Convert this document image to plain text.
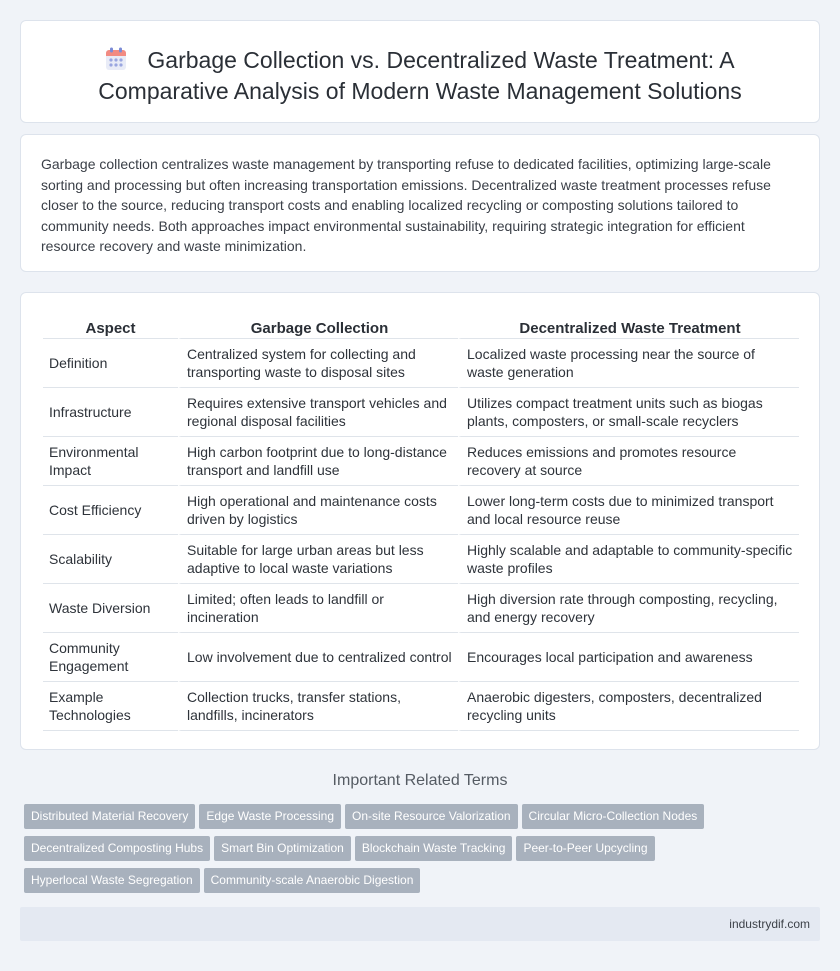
Garbage Collection vs. Decentralized Waste Treatment: A Comparative Analysis of Modern Waste Management Solutions

Garbage collection centralizes waste management by transporting refuse to dedicated facilities, optimizing large-scale sorting and processing but often increasing transportation emissions. Decentralized waste treatment processes refuse closer to the source, reducing transport costs and enabling localized recycling or composting solutions tailored to community needs. Both approaches impact environmental sustainability, requiring strategic integration for efficient resource recovery and waste minimization.

Aspect	Garbage Collection	Decentralized Waste Treatment
Definition	Centralized system for collecting and transporting waste to disposal sites	Localized waste processing near the source of waste generation
Infrastructure	Requires extensive transport vehicles and regional disposal facilities	Utilizes compact treatment units such as biogas plants, composters, or small-scale recyclers
Environmental Impact	High carbon footprint due to long-distance transport and landfill use	Reduces emissions and promotes resource recovery at source
Cost Efficiency	High operational and maintenance costs driven by logistics	Lower long-term costs due to minimized transport and local resource reuse
Scalability	Suitable for large urban areas but less adaptive to local waste variations	Highly scalable and adaptable to community-specific waste profiles
Waste Diversion	Limited; often leads to landfill or incineration	High diversion rate through composting, recycling, and energy recovery
Community Engagement	Low involvement due to centralized control	Encourages local participation and awareness
Example Technologies	Collection trucks, transfer stations, landfills, incinerators	Anaerobic digesters, composters, decentralized recycling units
Important Related Terms
Distributed Material Recovery Edge Waste Processing On-site Resource Valorization Circular Micro-Collection Nodes
Decentralized Composting Hubs Smart Bin Optimization Blockchain Waste Tracking Peer-to-Peer Upcycling
Hyperlocal Waste Segregation Community-scale Anaerobic Digestion
industrydif.com
